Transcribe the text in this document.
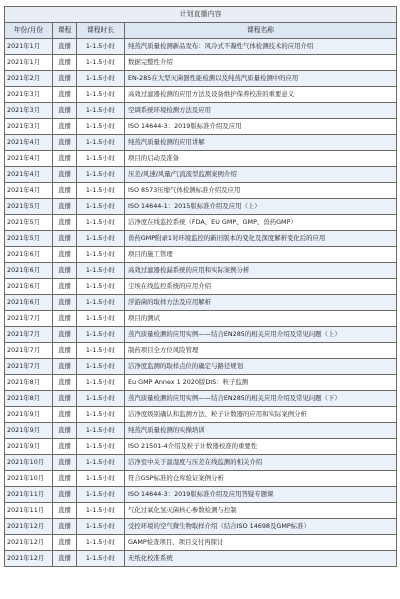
计划直播内容			
年份/月份	课程	课程时长	课程名称
2021年1月	直播	1-1.5小时	纯蒸汽质量检测新品发布：风冷式不凝性气体检测技术的应用介绍
2021年1月	直播	1-1.5小时	数据完整性介绍
2021年2月	直播	1-1.5小时	EN-285在大型灭菌器性能检测以及纯蒸汽质量检测中的应用
2021年3月	直播	1-1.5小时	高效过滤器检测的应用方法及设备维护保养校准的重要意义
2021年3月	直播	1-1.5小时	空调系统环境检测方法及应用
2021年3月	直播	1-1.5小时	ISO 14644-3：2019版标准介绍及应用
2021年4月	直播	1-1.5小时	纯蒸汽质量检测的应用讲解
2021年4月	直播	1-1.5小时	项目的启动及准备
2021年4月	直播	1-1.5小时	压差/风速/风量/气流流型监测案例介绍
2021年4月	直播	1-1.5小时	ISO 8573压缩气体检测标准介绍及应用
2021年5月	直播	1-1.5小时	ISO 14644-1：2015版标准介绍及应用（上）
2021年5月	直播	1-1.5小时	洁净度在线监控系统（FDA、EU GMP、GMP、兽药GMP）
2021年5月	直播	1-1.5小时	兽药GMP附录1对环境监控的新旧版本的变化及深度解析变化后的应用
2021年6月	直播	1-1.5小时	项目的施工管理
2021年6月	直播	1-1.5小时	高效过滤器检漏系统的应用和实际案例分析
2021年6月	直播	1-1.5小时	尘埃在线监控系统的应用介绍
2021年6月	直播	1-1.5小时	浮游菌的取样方法及应用解析
2021年7月	直播	1-1.5小时	项目的测试
2021年7月	直播	1-1.5小时	蒸汽质量检测的应用实例——结合EN285的相关应用介绍及常见问题（上）
2021年7月	直播	1-1.5小时	制药项目全方位风险管理
2021年7月	直播	1-1.5小时	洁净度监测的取样点位的确定与路径规划
2021年8月	直播	1-1.5小时	Eu GMP Annex 1 2020版DIS：粒子监测
2021年8月	直播	1-1.5小时	蒸汽质量检测的应用实例——结合EN285的相关应用介绍及常见问题（下）
2021年9月	直播	1-1.5小时	洁净度级别确认和监测方法、粒子计数器的应用和实际案例分析
2021年9月	直播	1-1.5小时	纯蒸汽质量检测的实操培训
2021年9月	直播	1-1.5小时	ISO 21501-4介绍及粒子计数器校准的重要性
2021年10月	直播	1-1.5小时	洁净室中关于温湿度与压差在线监测的相关介绍
2021年10月	直播	1-1.5小时	符合GSP标准的仓库验证案例分析
2021年11月	直播	1-1.5小时	ISO 14644-3：2019版标准介绍及应用答疑专题课
2021年11月	直播	1-1.5小时	气化过氧化氢灭菌核心参数检测与控制
2021年12月	直播	1-1.5小时	受控环境的空气微生物取样介绍（结合ISO 14698及GMP标准）
2021年12月	直播	1-1.5小时	GAMP检查项目、项目交付再探讨
2021年12月	直播	1-1.5小时	无纸化校准系统
